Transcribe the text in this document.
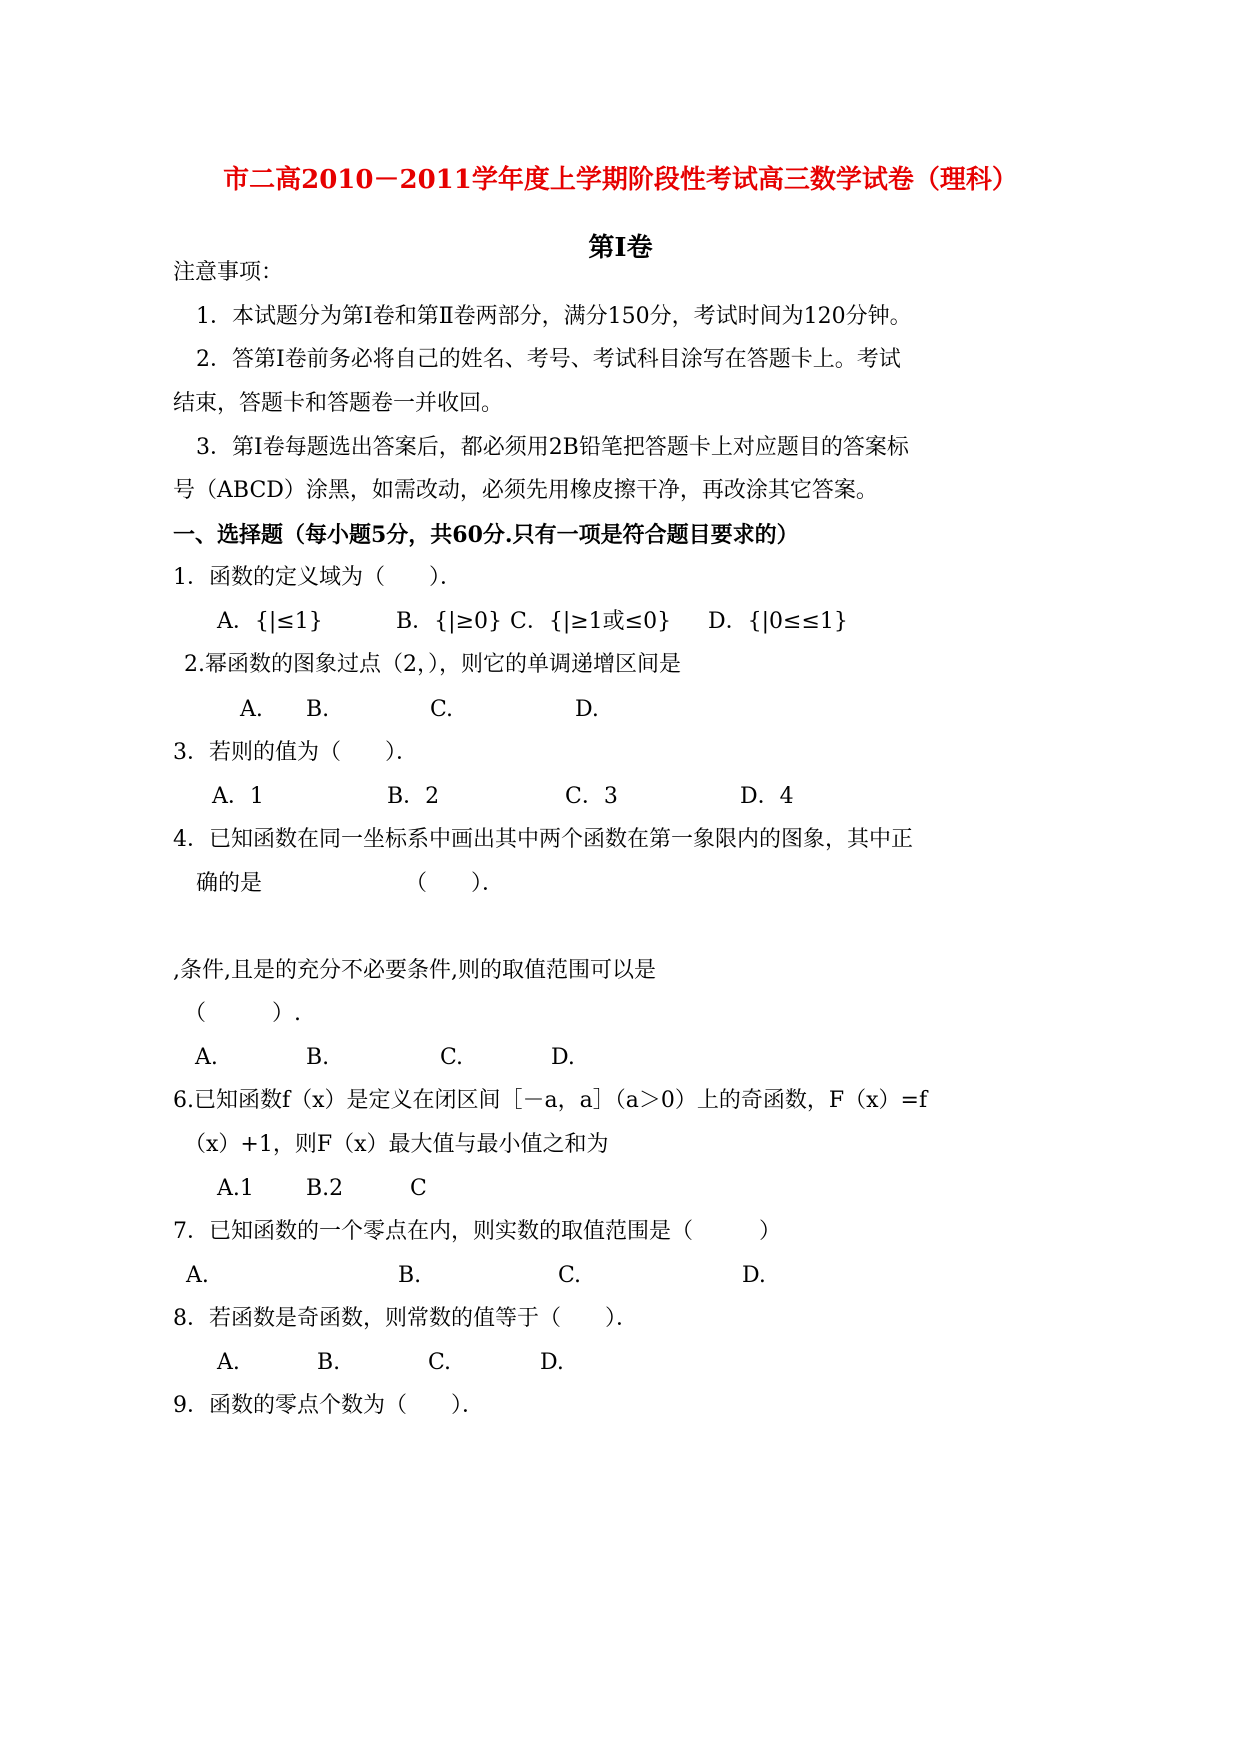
市二高2010－2011学年度上学期阶段性考试高三数学试卷（理科）
第Ⅰ卷
注意事项：
1．本试题分为第Ⅰ卷和第Ⅱ卷两部分，满分150分，考试时间为120分钟。
2．答第Ⅰ卷前务必将自己的姓名、考号、考试科目涂写在答题卡上。考试
结束，答题卡和答题卷一并收回。
3．第Ⅰ卷每题选出答案后，都必须用2B铅笔把答题卡上对应题目的答案标
号（ABCD）涂黑，如需改动，必须先用橡皮擦干净，再改涂其它答案。
一、选择题（每小题5分，共60分.只有一项是符合题目要求的）
1．函数的定义域为（　　）．
A．{|≤1}	B．{|≥0} C．{|≥1或≤0} D．{|0≤≤1}
2.幂函数的图象过点（2，），则它的单调递增区间是
A. B.	C.	D.
3．若则的值为（　　）．
A．1	B．2	C．3	D．4
4．已知函数在同一坐标系中画出其中两个函数在第一象限内的图象，其中正
确的是　　　　　　　（　　）．
,条件,且是的充分不必要条件,则的取值范围可以是
（　　　）.
A.	B.	C.	D.
6.已知函数f（x）是定义在闭区间［－a，a］（a＞0）上的奇函数，F（x）=f
（x）+1，则F（x）最大值与最小值之和为
A.1 B.2	C
7．已知函数的一个零点在内，则实数的取值范围是（　　　）
A.	B.	C.	D.
8．若函数是奇函数，则常数的值等于（　　）．
A.	B.	C.	D.
9．函数的零点个数为（　　）．
